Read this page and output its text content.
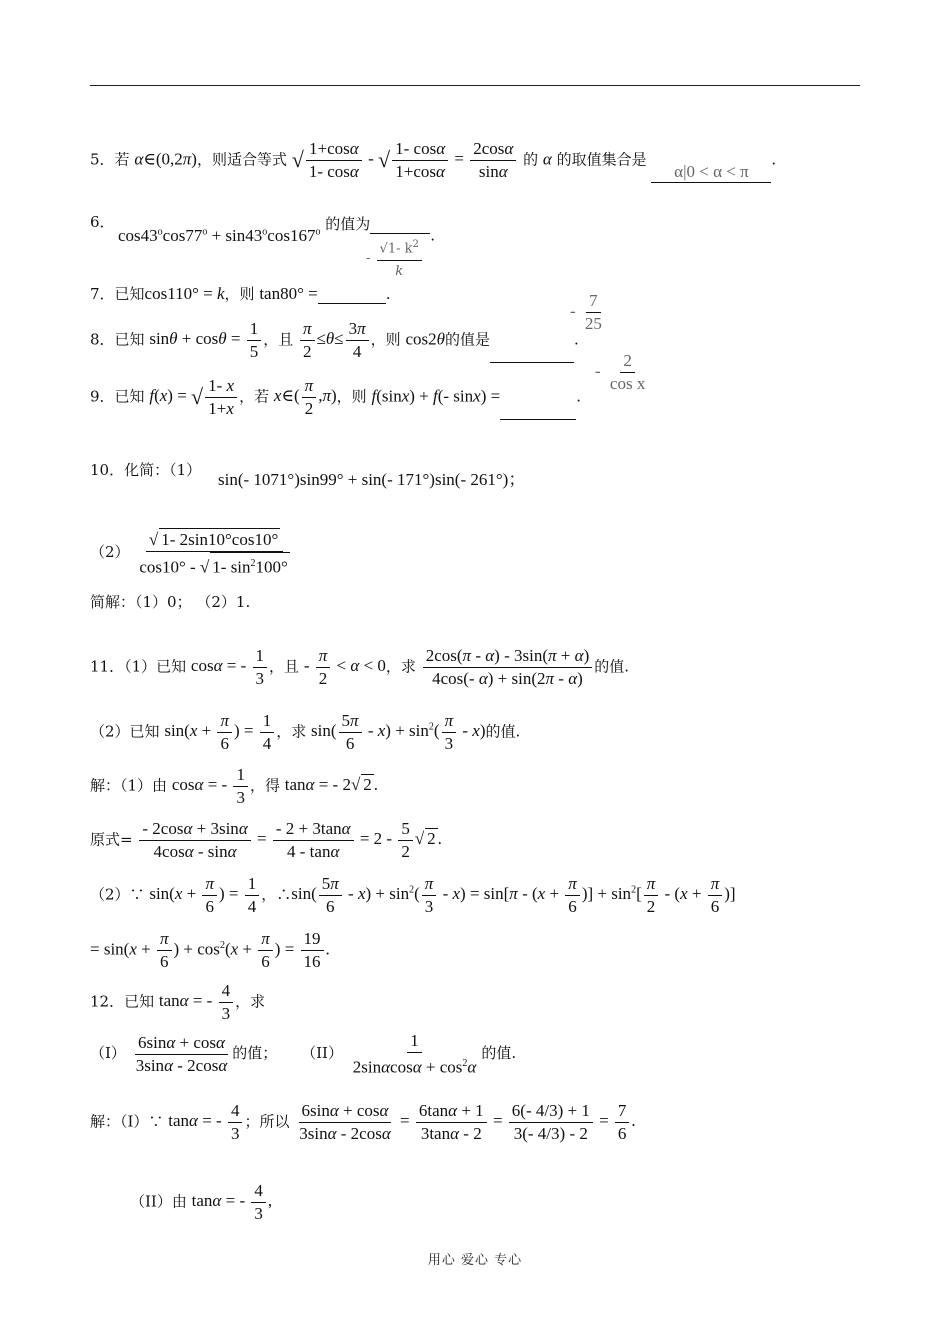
5．若 α∈(0,2π)，则适合等式 √ $\frac{1+\cos\alpha}{1- \cos\alpha}$ - √ $\frac{1- \cos\alpha}{1+\cos\alpha} = \frac{2\cos\alpha}{\sin\alpha}$ 的 α 的取值集合是 α|0 < α < π.
6．
$\cos 43^o\cos 77^o + \sin 43^o\cos 167^o$ 的值为.
- $\frac{√1- k^2}{k}$
7．已知cos110° = k，则 tan80° =	.
8．已知 $\sin\theta + \cos\theta = \frac{1}{5}$ ，且 $\frac{\pi}{2} \le\theta\le \frac{3\pi}{4}$ ，则 cos2θ的值是	.
- $\frac{7}{25}$
9．已知 f(x) = √ $\frac{1- x}{1+x}$ ，若 x∈( $\frac{\pi}{2} ,\pi$)，则 f(sinx) + f(- sinx) =	.
- $\frac{2}{\text{cos x}}$
10．化简：（1） sin(- 1071°)sin99° + sin(- 171°)sin(- 261°)；
$(2) \frac{√ 1- 2\sin 10^\circ\cos 10^\circ}{\cos 10^\circ - √ 1- \sin^2100^\circ}$
简解：（1）0； （2）1.
11．（1）已知 cosα = - $\frac{1}{3}$ ，且 - $\frac{\pi}{2} < \alpha < 0$，求 $\frac{2\cos(\pi - \alpha) - 3\sin(\pi + \alpha)}{4\cos(- \alpha) + \sin(2\pi - \alpha)}$ 的值.
（2）已知 $\sin(x + \frac{\pi}{6}$ ) = $\frac{1}{4}$ ，求 $\sin( \frac{5\pi}{6} - x) + \sin^2( \frac{\pi}{3} - x)$的值.
解：（1）由 cosα = - $\frac{1}{3}$ ，得 tanα = - 2√ 2 .
原式= $\frac{- 2\cos\alpha + 3\sin\alpha}{4\cos\alpha - \sin\alpha} = \frac{- 2 + 3\tan\alpha}{4 - \tan\alpha} = 2 - \frac{5}{2}$ √ 2 .
（2）∵ $\sin(x + \frac{\pi}{6}$ ) = $\frac{1}{4}$ ，∴sin( $\frac{5\pi}{6} - x) + \sin^2( \frac{\pi}{3} - x) = \sin[\pi - (x + \frac{\pi}{6}$ )] + $\sin^2[ \frac{\pi}{2} - (x + \frac{\pi}{6}$ )]
= $\sin(x + \frac{\pi}{6}$ ) + $\cos^2(x + \frac{\pi}{6}$ ) = $\frac{19}{16}$ .
12．已知 tanα = - $\frac{4}{3}$ ，求
$(I) \frac{6\sin\alpha + \cos\alpha}{3\sin\alpha - 2\cos\alpha}$ 的值； $(II) \frac{1}{2\sin\alpha\cos\alpha + \cos^2\alpha}$ 的值.
解：（I）∵ tanα = - $\frac{4}{3}$ ；所以 $\frac{6\sin\alpha + \cos\alpha}{3\sin\alpha - 2\cos\alpha} = \frac{6\tan\alpha + 1}{3\tan\alpha - 2} = \frac{6(- 4/3) + 1}{3(- 4/3) - 2} = \frac{7}{6}$ .
（II）由 tanα = - $\frac{4}{3}$ ,
用心 爱心 专心
